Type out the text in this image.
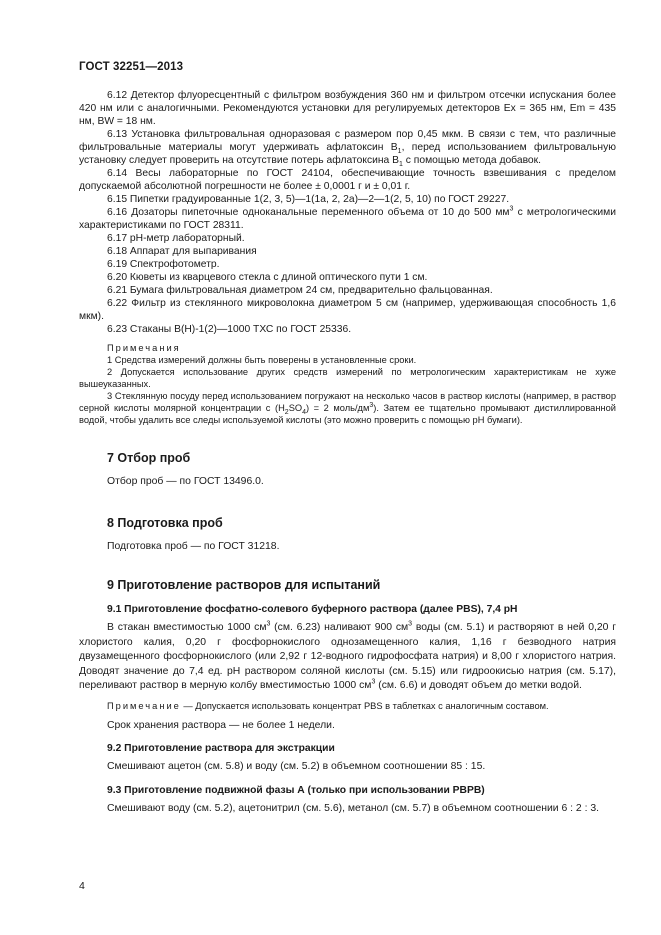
ГОСТ 32251—2013

6.12 Детектор флуоресцентный с фильтром возбуждения 360 нм и фильтром отсечки испускания более 420 нм или с аналогичными. Рекомендуются установки для регулируемых детекторов Ex = 365 нм, Em = 435 нм, BW = 18 нм.

6.13 Установка фильтровальная одноразовая с размером пор 0,45 мкм. В связи с тем, что различные фильтровальные материалы могут удерживать афлатоксин $B_1$, перед использованием фильтровальную установку следует проверить на отсутствие потерь афлатоксина $B_1$ с помощью метода добавок.

6.14 Весы лабораторные по ГОСТ 24104, обеспечивающие точность взвешивания с пределом допускаемой абсолютной погрешности не более ± 0,0001 г и ± 0,01 г.

6.15 Пипетки градуированные 1(2, 3, 5)—1(1a, 2, 2a)—2—1(2, 5, 10) по ГОСТ 29227.

6.16 Дозаторы пипеточные одноканальные переменного объема от 10 до 500 $мм^3$ с метрологическими характеристиками по ГОСТ 28311.

6.17 pH-метр лабораторный.

6.18 Аппарат для выпаривания

6.19 Спектрофотометр.

6.20 Кюветы из кварцевого стекла с длиной оптического пути 1 см.

6.21 Бумага фильтровальная диаметром 24 см, предварительно фальцованная.

6.22 Фильтр из стеклянного микроволокна диаметром 5 см (например, удерживающая способность 1,6 мкм).

6.23 Стаканы В(Н)-1(2)—1000 ТХС по ГОСТ 25336.

Примечания

1 Средства измерений должны быть поверены в установленные сроки.

2 Допускается использование других средств измерений по метрологическим характеристикам не хуже вышеуказанных.

3 Стеклянную посуду перед использованием погружают на несколько часов в раствор кислоты (например, в раствор серной кислоты молярной концентрации с $(H_2SO_4) = 2$ моль/$дм^3$). Затем ее тщательно промывают дистиллированной водой, чтобы удалить все следы используемой кислоты (это можно проверить с помощью pH бумаги).

7 Отбор проб

Отбор проб — по ГОСТ 13496.0.

8 Подготовка проб

Подготовка проб — по ГОСТ 31218.

9 Приготовление растворов для испытаний

9.1 Приготовление фосфатно-солевого буферного раствора (далее PBS), 7,4 pH

В стакан вместимостью 1000 $см^3$ (см. 6.23) наливают 900 $см^3$ воды (см. 5.1) и растворяют в ней 0,20 г хлористого калия, 0,20 г фосфорнокислого однозамещенного калия, 1,16 г безводного натрия двузамещенного фосфорнокислого (или 2,92 г 12-водного гидрофосфата натрия) и 8,00 г хлористого натрия. Доводят значение до 7,4 ед. pH раствором соляной кислоты (см. 5.15) или гидроокисью натрия (см. 5.17), переливают раствор в мерную колбу вместимостью 1000 $см^3$ (см. 6.6) и доводят объем до метки водой.

Примечание — Допускается использовать концентрат PBS в таблетках с аналогичным составом.

Срок хранения раствора — не более 1 недели.

9.2 Приготовление раствора для экстракции

Смешивают ацетон (см. 5.8) и воду (см. 5.2) в объемном соотношении 85 : 15.

9.3 Приготовление подвижной фазы А (только при использовании PBPB)

Смешивают воду (см. 5.2), ацетонитрил (см. 5.6), метанол (см. 5.7) в объемном соотношении 6 : 2 : 3.

4
